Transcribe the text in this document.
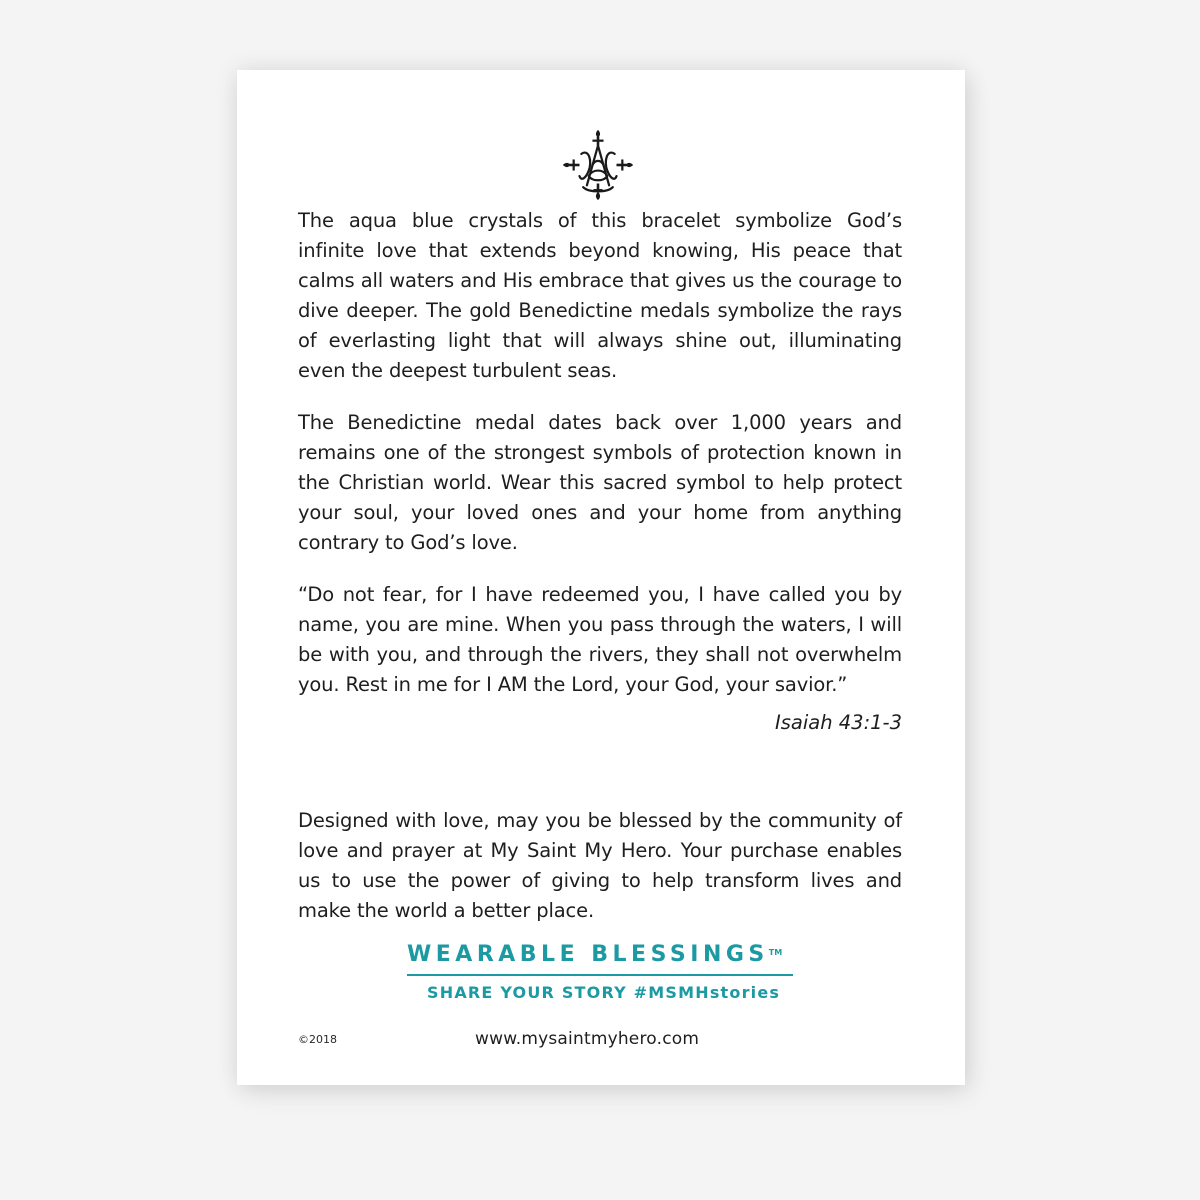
The aqua blue crystals of this bracelet symbolize God’s infinite love that extends beyond knowing, His peace that calms all waters and His embrace that gives us the courage to dive deeper. The gold Benedictine medals symbolize the rays of everlasting light that will always shine out, illuminating even the deepest turbulent seas.

The Benedictine medal dates back over 1,000 years and remains one of the strongest symbols of protection known in the Christian world. Wear this sacred symbol to help protect your soul, your loved ones and your home from anything contrary to God’s love.

“Do not fear, for I have redeemed you, I have called you by name, you are mine. When you pass through the waters, I will be with you, and through the rivers, they shall not overwhelm you. Rest in me for I AM the Lord, your God, your savior.”

Isaiah 43:1-3

Designed with love, may you be blessed by the community of love and prayer at My Saint My Hero. Your purchase enables us to use the power of giving to help transform lives and make the world a better place.

WEARABLE BLESSINGS™
SHARE YOUR STORY #MSMHstories
©2018	www.mysaintmyhero.com
